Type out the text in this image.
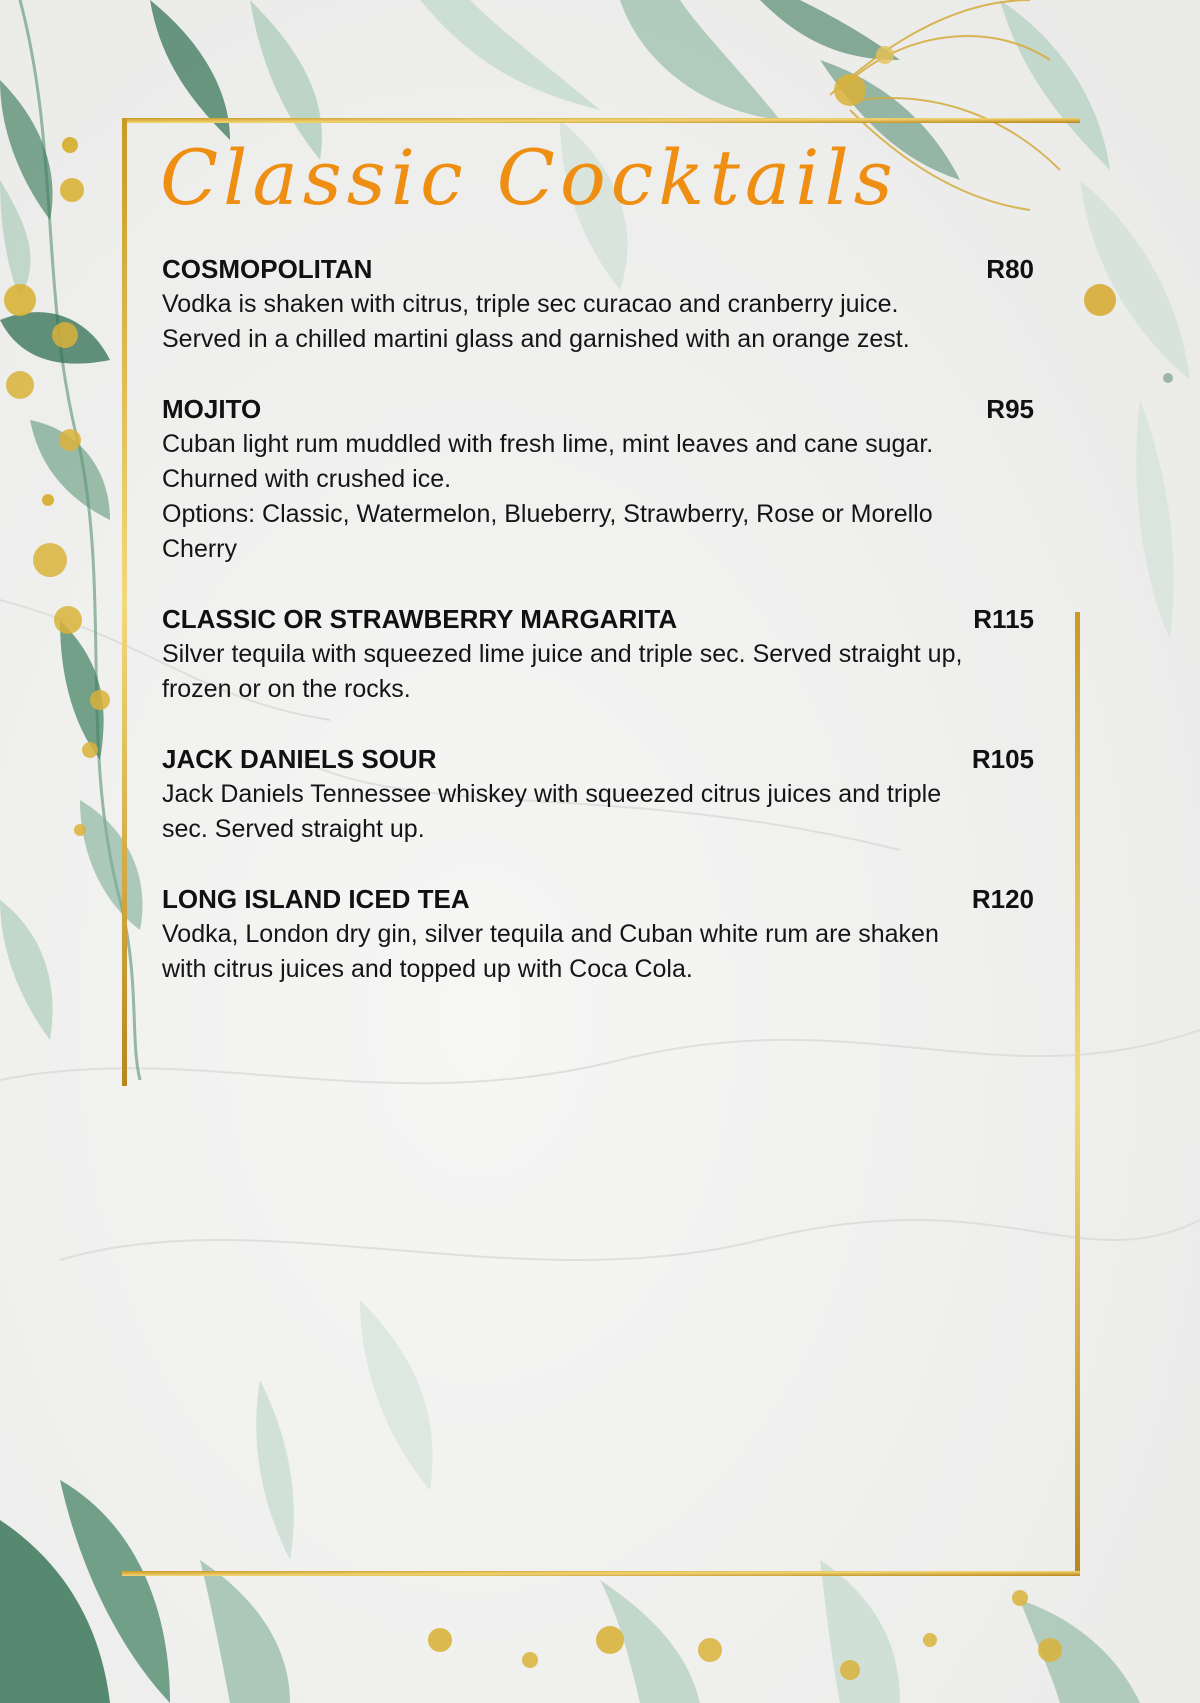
Classic Cocktails
COSMOPOLITAN	R80

Vodka is shaken with citrus, triple sec curacao and cranberry juice.
Served in a chilled martini glass and garnished with an orange zest.

MOJITO	R95

Cuban light rum muddled with fresh lime, mint leaves and cane sugar.
Churned with crushed ice.
Options: Classic, Watermelon, Blueberry, Strawberry, Rose or Morello
Cherry

CLASSIC OR STRAWBERRY MARGARITA	R115

Silver tequila with squeezed lime juice and triple sec. Served straight up,
frozen or on the rocks.

JACK DANIELS SOUR	R105

Jack Daniels Tennessee whiskey with squeezed citrus juices and triple
sec. Served straight up.

LONG ISLAND ICED TEA	R120

Vodka, London dry gin, silver tequila and Cuban white rum are shaken
with citrus juices and topped up with Coca Cola.
